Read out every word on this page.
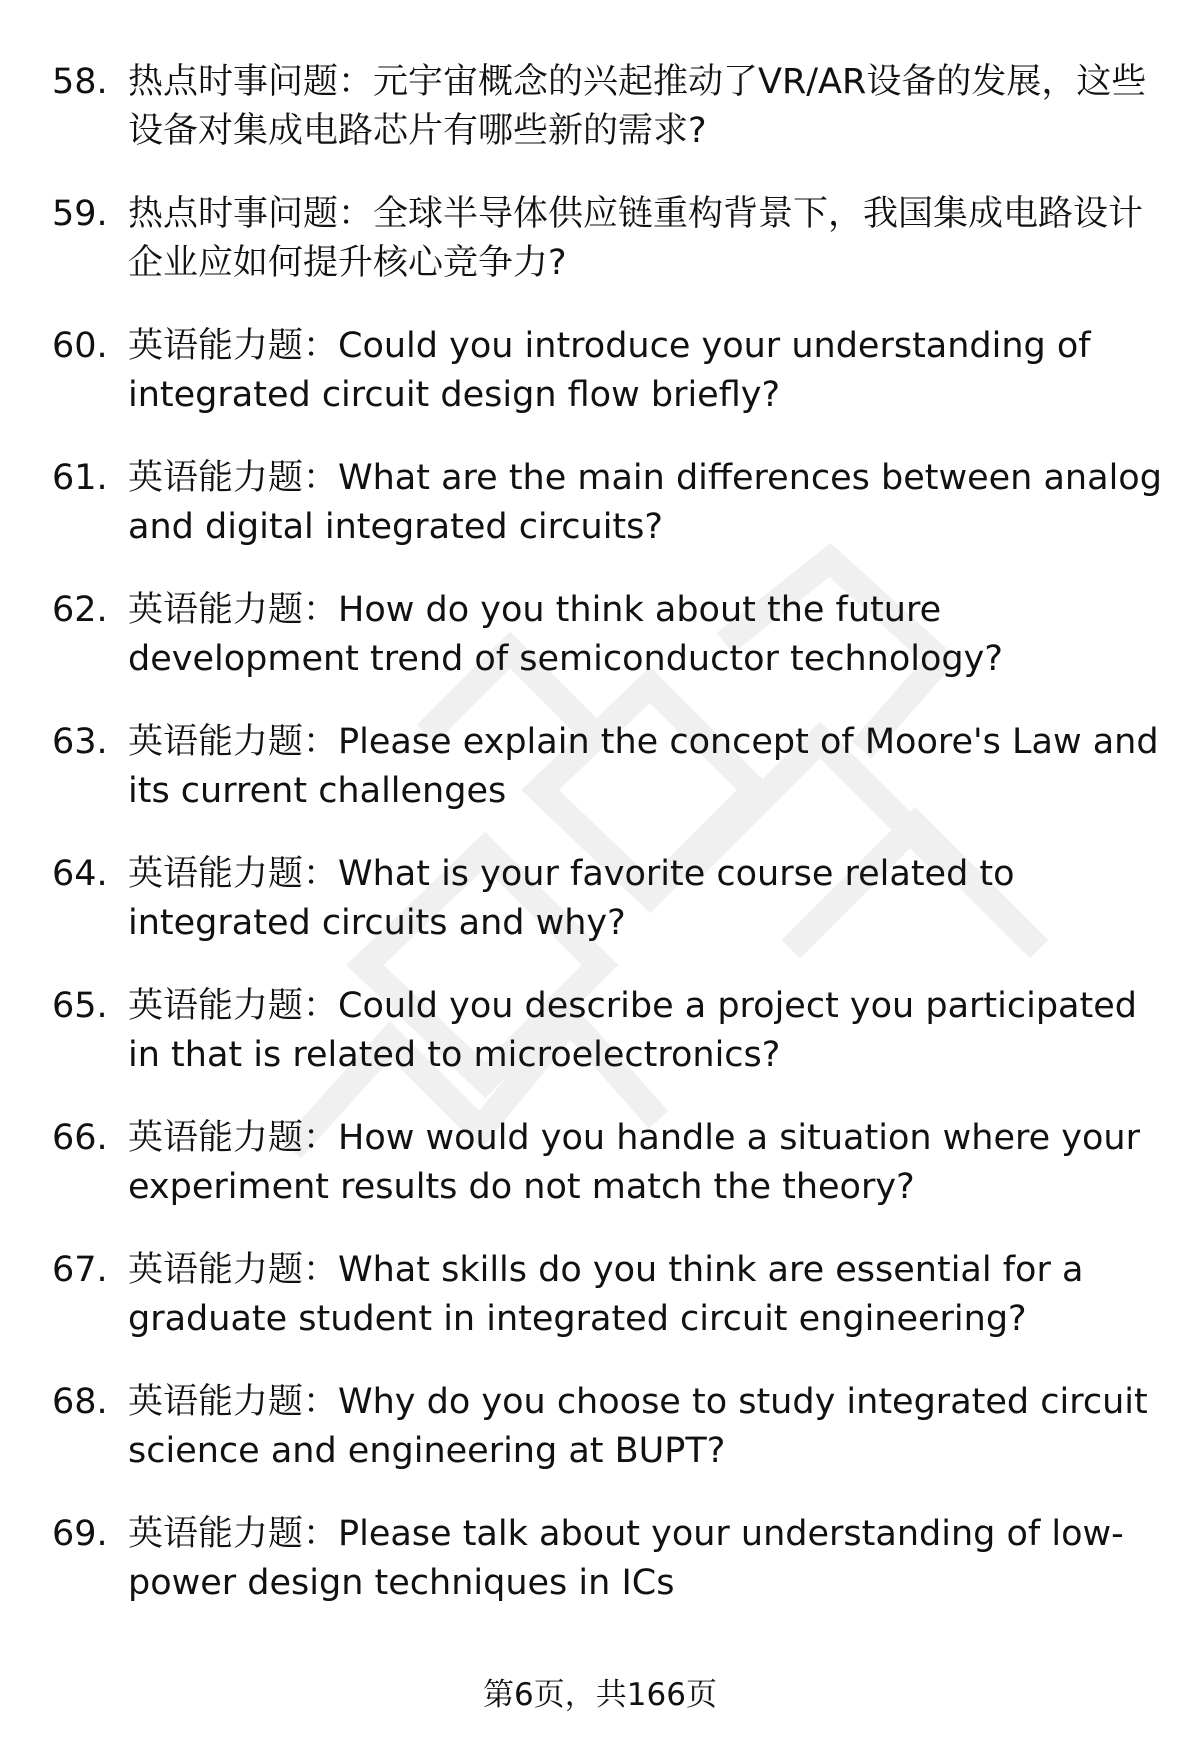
58. 热点时事问题：元宇宙概念的兴起推动了VR/AR设备的发展，这些设备对集成电路芯片有哪些新的需求?
59. 热点时事问题：全球半导体供应链重构背景下，我国集成电路设计企业应如何提升核心竞争力?
60. 英语能力题：Could you introduce your understanding of integrated circuit design flow briefly?
61. 英语能力题：What are the main differences between analog and digital integrated circuits?
62. 英语能力题：How do you think about the future development trend of semiconductor technology?
63. 英语能力题：Please explain the concept of Moore's Law and its current challenges
64. 英语能力题：What is your favorite course related to integrated circuits and why?
65. 英语能力题：Could you describe a project you participated in that is related to microelectronics?
66. 英语能力题：How would you handle a situation where your experiment results do not match the theory?
67. 英语能力题：What skills do you think are essential for a graduate student in integrated circuit engineering?
68. 英语能力题：Why do you choose to study integrated circuit science and engineering at BUPT?
69. 英语能力题：Please talk about your understanding of low-power design techniques in ICs
第6页，共166页
